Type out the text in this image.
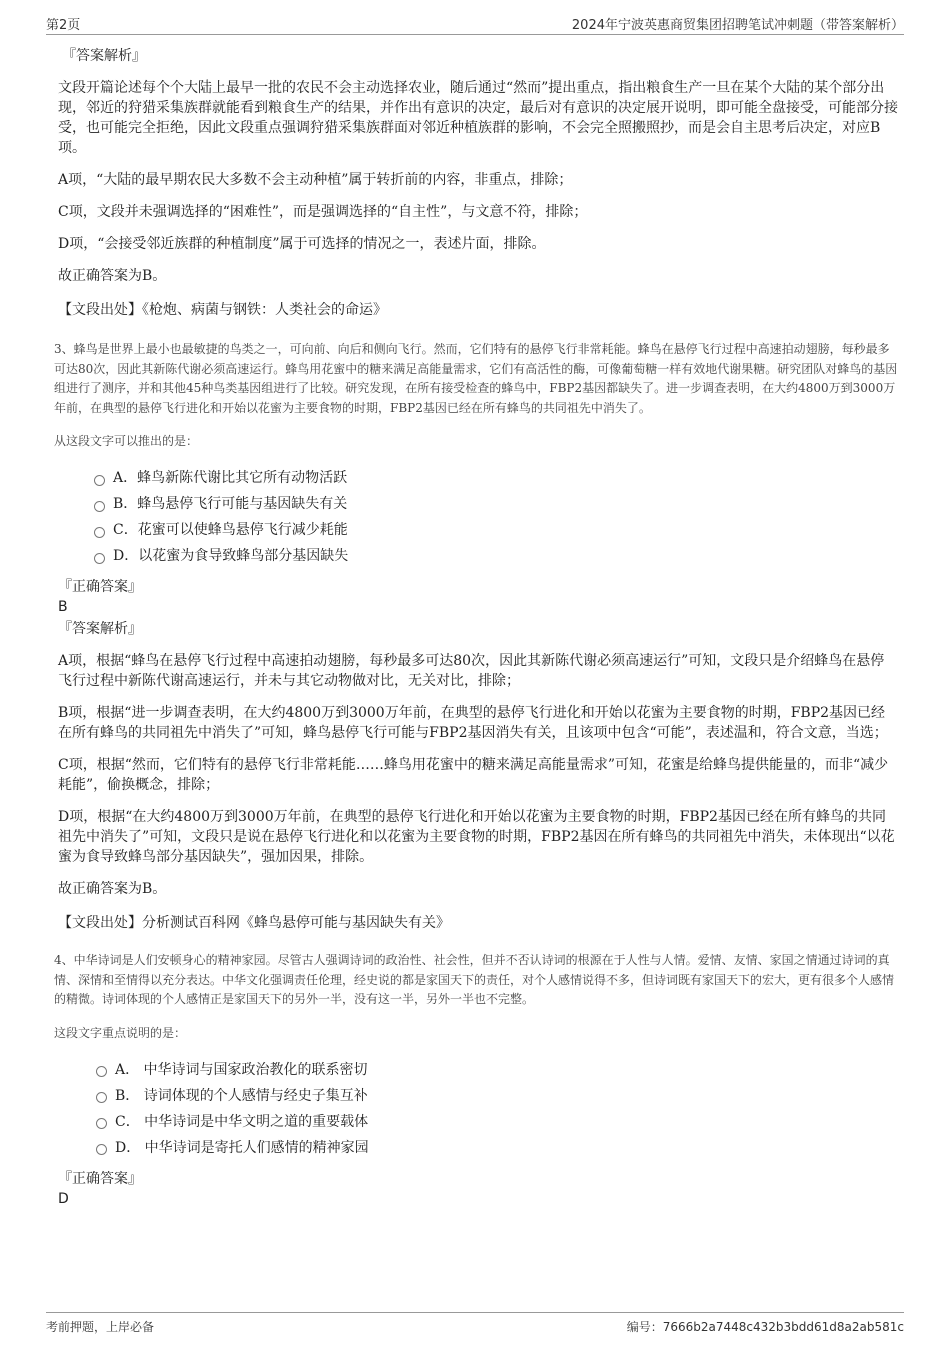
第2页	2024年宁波英惠商贸集团招聘笔试冲刺题（带答案解析）
『答案解析』

文段开篇论述每个个大陆上最早一批的农民不会主动选择农业，随后通过“然而”提出重点，指出粮食生产一旦在某个大陆的某个部分出现，邻近的狩猎采集族群就能看到粮食生产的结果，并作出有意识的决定，最后对有意识的决定展开说明，即可能全盘接受，可能部分接受，也可能完全拒绝，因此文段重点强调狩猎采集族群面对邻近种植族群的影响，不会完全照搬照抄，而是会自主思考后决定，对应B项。

A项，“大陆的最早期农民大多数不会主动种植”属于转折前的内容，非重点，排除；

C项，文段并未强调选择的“困难性”，而是强调选择的“自主性”，与文意不符，排除；

D项，“会接受邻近族群的种植制度”属于可选择的情况之一，表述片面，排除。

故正确答案为B。

【文段出处】《枪炮、病菌与钢铁：人类社会的命运》
3、蜂鸟是世界上最小也最敏捷的鸟类之一，可向前、向后和侧向飞行。然而，它们特有的悬停飞行非常耗能。蜂鸟在悬停飞行过程中高速拍动翅膀，每秒最多可达80次，因此其新陈代谢必须高速运行。蜂鸟用花蜜中的糖来满足高能量需求，它们有高活性的酶，可像葡萄糖一样有效地代谢果糖。研究团队对蜂鸟的基因组进行了测序，并和其他45种鸟类基因组进行了比较。研究发现，在所有接受检查的蜂鸟中，FBP2基因都缺失了。进一步调查表明，在大约4800万到3000万年前，在典型的悬停飞行进化和开始以花蜜为主要食物的时期，FBP2基因已经在所有蜂鸟的共同祖先中消失了。
从这段文字可以推出的是：
A．蜂鸟新陈代谢比其它所有动物活跃
B．蜂鸟悬停飞行可能与基因缺失有关
C．花蜜可以使蜂鸟悬停飞行减少耗能
D．以花蜜为食导致蜂鸟部分基因缺失
『正确答案』
B
『答案解析』

A项，根据“蜂鸟在悬停飞行过程中高速拍动翅膀，每秒最多可达80次，因此其新陈代谢必须高速运行”可知，文段只是介绍蜂鸟在悬停飞行过程中新陈代谢高速运行，并未与其它动物做对比，无关对比，排除；

B项，根据“进一步调查表明，在大约4800万到3000万年前，在典型的悬停飞行进化和开始以花蜜为主要食物的时期，FBP2基因已经在所有蜂鸟的共同祖先中消失了”可知，蜂鸟悬停飞行可能与FBP2基因消失有关，且该项中包含“可能”，表述温和，符合文意，当选；

C项，根据“然而，它们特有的悬停飞行非常耗能……蜂鸟用花蜜中的糖来满足高能量需求”可知，花蜜是给蜂鸟提供能量的，而非“减少耗能”，偷换概念，排除；

D项，根据“在大约4800万到3000万年前，在典型的悬停飞行进化和开始以花蜜为主要食物的时期，FBP2基因已经在所有蜂鸟的共同祖先中消失了”可知，文段只是说在悬停飞行进化和以花蜜为主要食物的时期，FBP2基因在所有蜂鸟的共同祖先中消失，未体现出“以花蜜为食导致蜂鸟部分基因缺失”，强加因果，排除。

故正确答案为B。

【文段出处】分析测试百科网《蜂鸟悬停可能与基因缺失有关》
4、中华诗词是人们安顿身心的精神家园。尽管古人强调诗词的政治性、社会性，但并不否认诗词的根源在于人性与人情。爱情、友情、家国之情通过诗词的真情、深情和至情得以充分表达。中华文化强调责任伦理，经史说的都是家国天下的责任，对个人感情说得不多，但诗词既有家国天下的宏大，更有很多个人感情的精微。诗词体现的个人感情正是家国天下的另外一半，没有这一半，另外一半也不完整。
这段文字重点说明的是：
A． 中华诗词与国家政治教化的联系密切
B． 诗词体现的个人感情与经史子集互补
C． 中华诗词是中华文明之道的重要载体
D． 中华诗词是寄托人们感情的精神家园
『正确答案』
D
考前押题，上岸必备	编号：7666b2a7448c432b3bdd61d8a2ab581c
